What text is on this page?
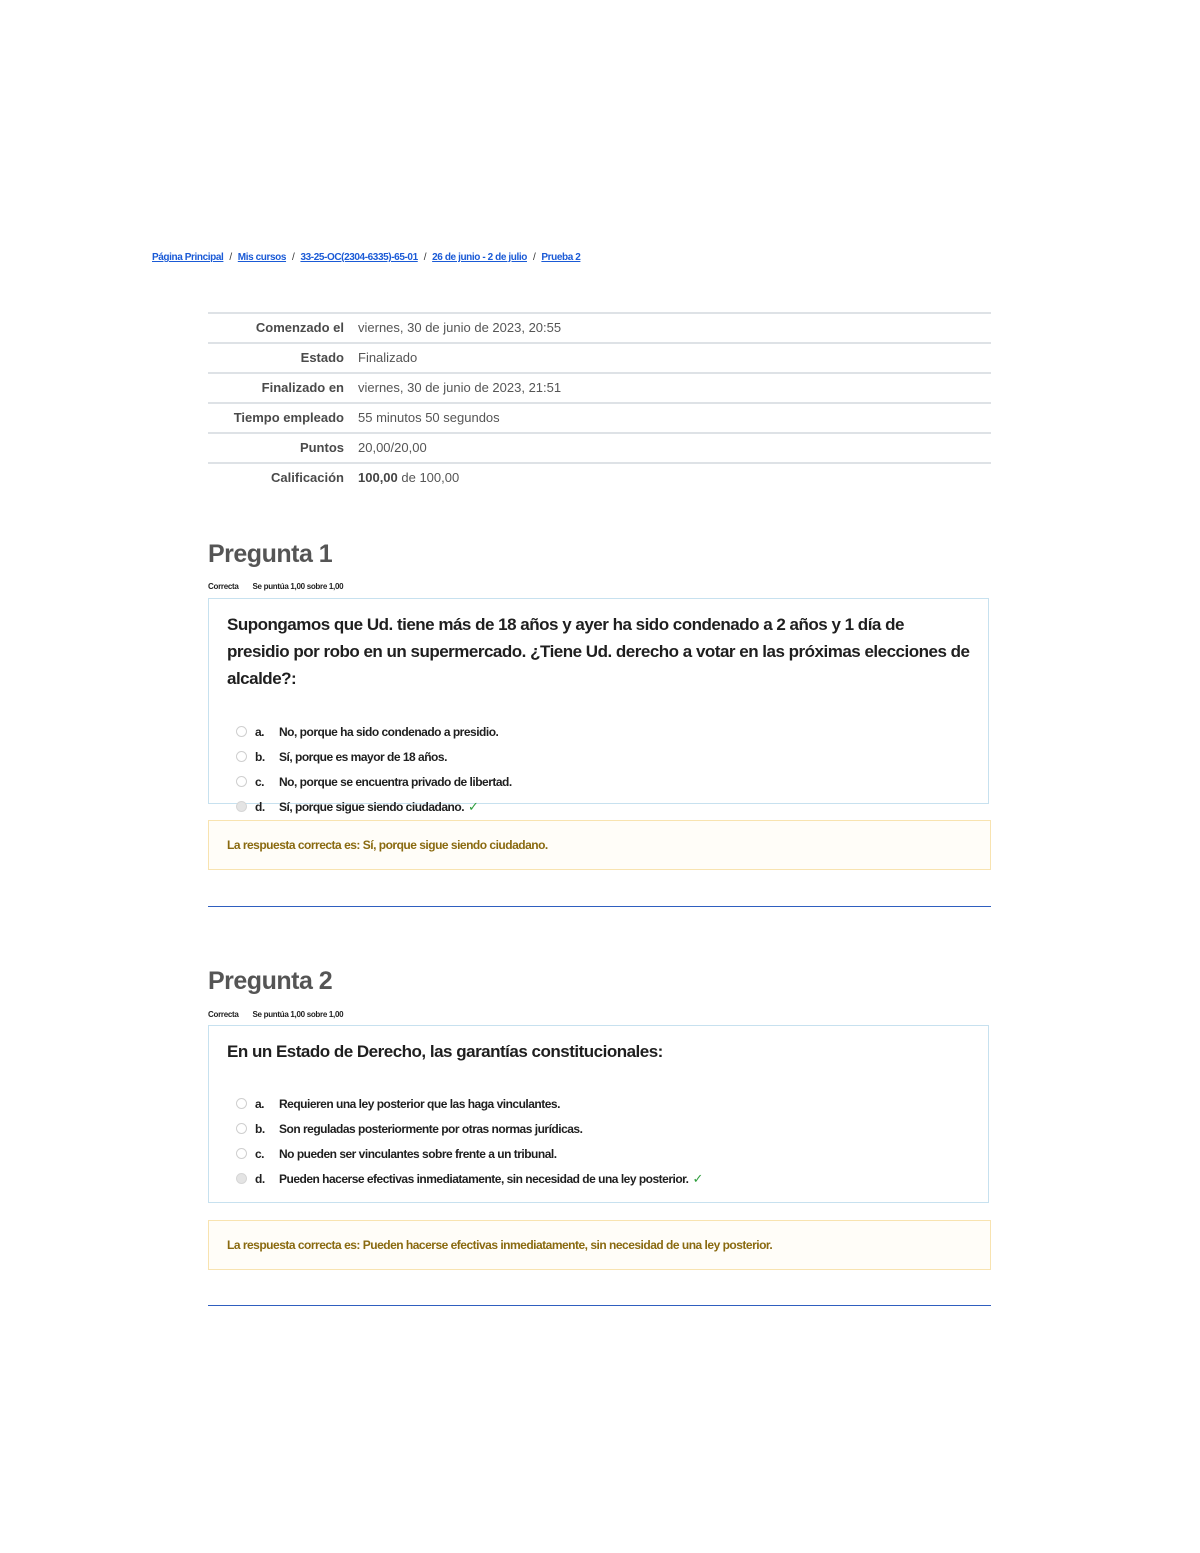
Página Principal / Mis cursos / 33-25-OC(2304-6335)-65-01 / 26 de junio - 2 de julio / Prueba 2
Comenzado el	viernes, 30 de junio de 2023, 20:55
Estado	Finalizado
Finalizado en	viernes, 30 de junio de 2023, 21:51
Tiempo empleado	55 minutos 50 segundos
Puntos	20,00/20,00
Calificación	100,00 de 100,00
Pregunta 1
Correcta Se puntúa 1,00 sobre 1,00

Supongamos que Ud. tiene más de 18 años y ayer ha sido condenado a 2 años y 1 día de presidio por robo en un supermercado. ¿Tiene Ud. derecho a votar en las próximas elecciones de alcalde?:

a.	No, porque ha sido condenado a presidio.
b.	Sí, porque es mayor de 18 años.
c.	No, porque se encuentra privado de libertad.
d.	Sí, porque sigue siendo ciudadano. ✓
La respuesta correcta es: Sí, porque sigue siendo ciudadano.
Pregunta 2
Correcta Se puntúa 1,00 sobre 1,00

En un Estado de Derecho, las garantías constitucionales:

a.	Requieren una ley posterior que las haga vinculantes.
b.	Son reguladas posteriormente por otras normas jurídicas.
c.	No pueden ser vinculantes sobre frente a un tribunal.
d.	Pueden hacerse efectivas inmediatamente, sin necesidad de una ley posterior. ✓
La respuesta correcta es: Pueden hacerse efectivas inmediatamente, sin necesidad de una ley posterior.
